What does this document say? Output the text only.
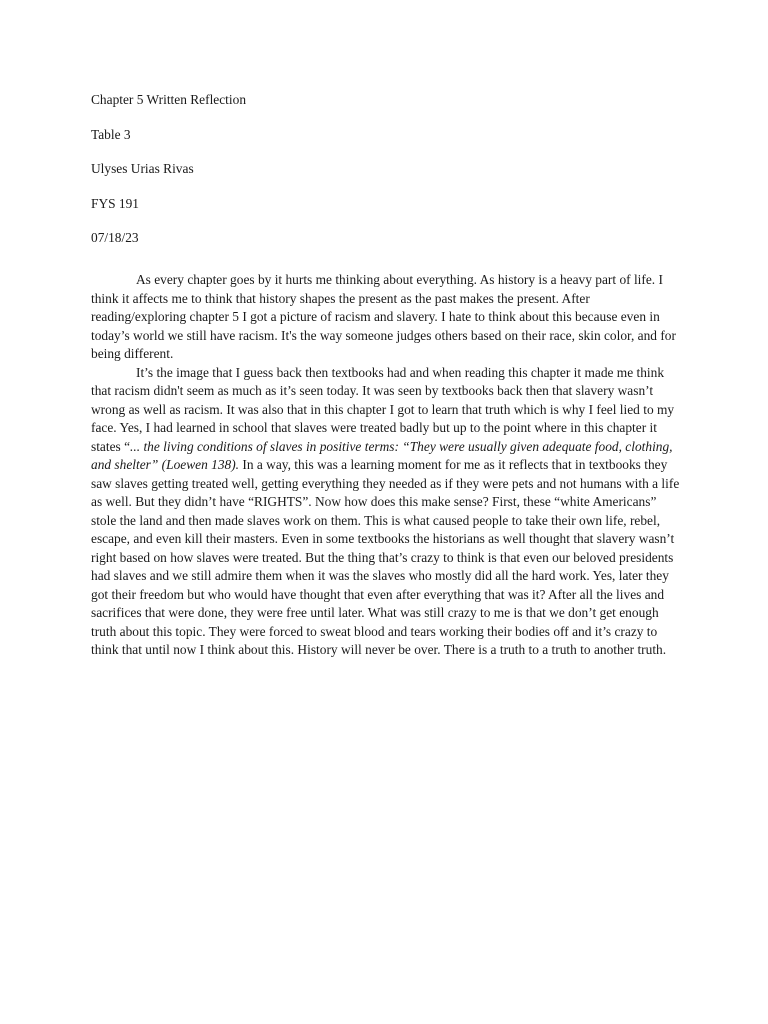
Chapter 5 Written Reflection
Table 3
Ulyses Urias Rivas
FYS 191
07/18/23

As every chapter goes by it hurts me thinking about everything. As history is a heavy part of life. I think it affects me to think that history shapes the present as the past makes the present. After reading/exploring chapter 5 I got a picture of racism and slavery. I hate to think about this because even in today’s world we still have racism. It's the way someone judges others based on their race, skin color, and for being different.

It’s the image that I guess back then textbooks had and when reading this chapter it made me think that racism didn't seem as much as it’s seen today. It was seen by textbooks back then that slavery wasn’t wrong as well as racism. It was also that in this chapter I got to learn that truth which is why I feel lied to my face. Yes, I had learned in school that slaves were treated badly but up to the point where in this chapter it states “... the living conditions of slaves in positive terms: “They were usually given adequate food, clothing, and shelter” (Loewen 138). In a way, this was a learning moment for me as it reflects that in textbooks they saw slaves getting treated well, getting everything they needed as if they were pets and not humans with a life as well. But they didn’t have “RIGHTS”. Now how does this make sense? First, these “white Americans” stole the land and then made slaves work on them. This is what caused people to take their own life, rebel, escape, and even kill their masters. Even in some textbooks the historians as well thought that slavery wasn’t right based on how slaves were treated. But the thing that’s crazy to think is that even our beloved presidents had slaves and we still admire them when it was the slaves who mostly did all the hard work. Yes, later they got their freedom but who would have thought that even after everything that was it? After all the lives and sacrifices that were done, they were free until later. What was still crazy to me is that we don’t get enough truth about this topic. They were forced to sweat blood and tears working their bodies off and it’s crazy to think that until now I think about this. History will never be over. There is a truth to a truth to another truth.
